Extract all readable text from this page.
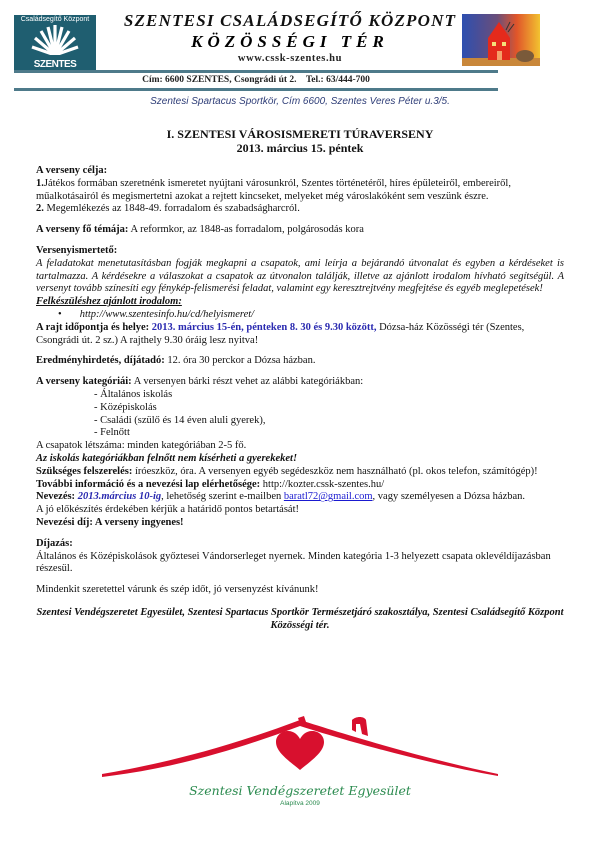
Családsegítő Központ
SZENTES
SZENTESI CSALÁDSEGÍTŐ KÖZPONT
KÖZÖSSÉGI TÉR
www.cssk-szentes.hu
Cím: 6600 SZENTES, Csongrádi út 2.    Tel.: 63/444-700
Szentesi Spartacus Sportkör, Cím 6600, Szentes Veres Péter u.3/5.
I. SZENTESI VÁROSISMERETI TÚRAVERSENY
2013. március 15. péntek
A verseny célja:
1.Játékos formában szeretnénk ismeretet nyújtani városunkról, Szentes történetéről, híres épületeiről, embereiről, műalkotásairól és megismertetni azokat a rejtett kincseket, melyeket még városlakóként sem veszünk észre.
2. Megemlékezés az 1848-49. forradalom és szabadságharcról.
A verseny fő témája: A reformkor, az 1848-as forradalom, polgárosodás kora
Versenyismertető:
A feladatokat menetutasításban fogják megkapni a csapatok, ami leírja a bejárandó útvonalat és egyben a kérdéseket is tartalmazza. A kérdésekre a válaszokat a csapatok az útvonalon találják, illetve az ajánlott irodalom hívható segítségül. A versenyt tovább színesíti egy fénykép-felismerési feladat, valamint egy keresztrejtvény megfejtése és egyéb meglepetések!
Felkészüléshez ajánlott irodalom:
• http://www.szentesinfo.hu/cd/helyismeret/
A rajt időpontja és helye: 2013. március 15-én, pénteken 8. 30 és 9.30 között, Dózsa-ház Közösségi tér (Szentes, Csongrádi út. 2 sz.) A rajthely 9.30 óráig lesz nyitva!
Eredményhirdetés, díjátadó: 12. óra 30 perckor a Dózsa házban.
A verseny kategóriái: A versenyen bárki részt vehet az alábbi kategóriákban:
- Általános iskolás
- Középiskolás
- Családi (szülő és 14 éven aluli gyerek),
- Felnőtt
A csapatok létszáma: minden kategóriában 2-5 fő.
Az iskolás kategóriákban felnőtt nem kísérheti a gyerekeket!
Szükséges felszerelés: íróeszköz, óra. A versenyen egyéb segédeszköz nem használható (pl. okos telefon, számítógép)!
További információ és a nevezési lap elérhetősége: http://kozter.cssk-szentes.hu/
Nevezés: 2013.március 10-ig, lehetőség szerint e-mailben baratl72@gmail.com, vagy személyesen a Dózsa házban.
A jó előkészítés érdekében kérjük a határidő pontos betartását!
Nevezési díj: A verseny ingyenes!
Díjazás:
Általános és Középiskolások győztesei Vándorserleget nyernek. Minden kategória 1-3 helyezett csapata oklevéldíjazásban részesül.
Mindenkit szeretettel várunk és szép időt, jó versenyzést kívánunk!
Szentesi Vendégszeretet Egyesület, Szentesi Spartacus Sportkör Természetjáró szakosztálya, Szentesi Családsegítő Központ Közösségi tér.
Szentesi Vendégszeretet Egyesület
Alapítva 2009
